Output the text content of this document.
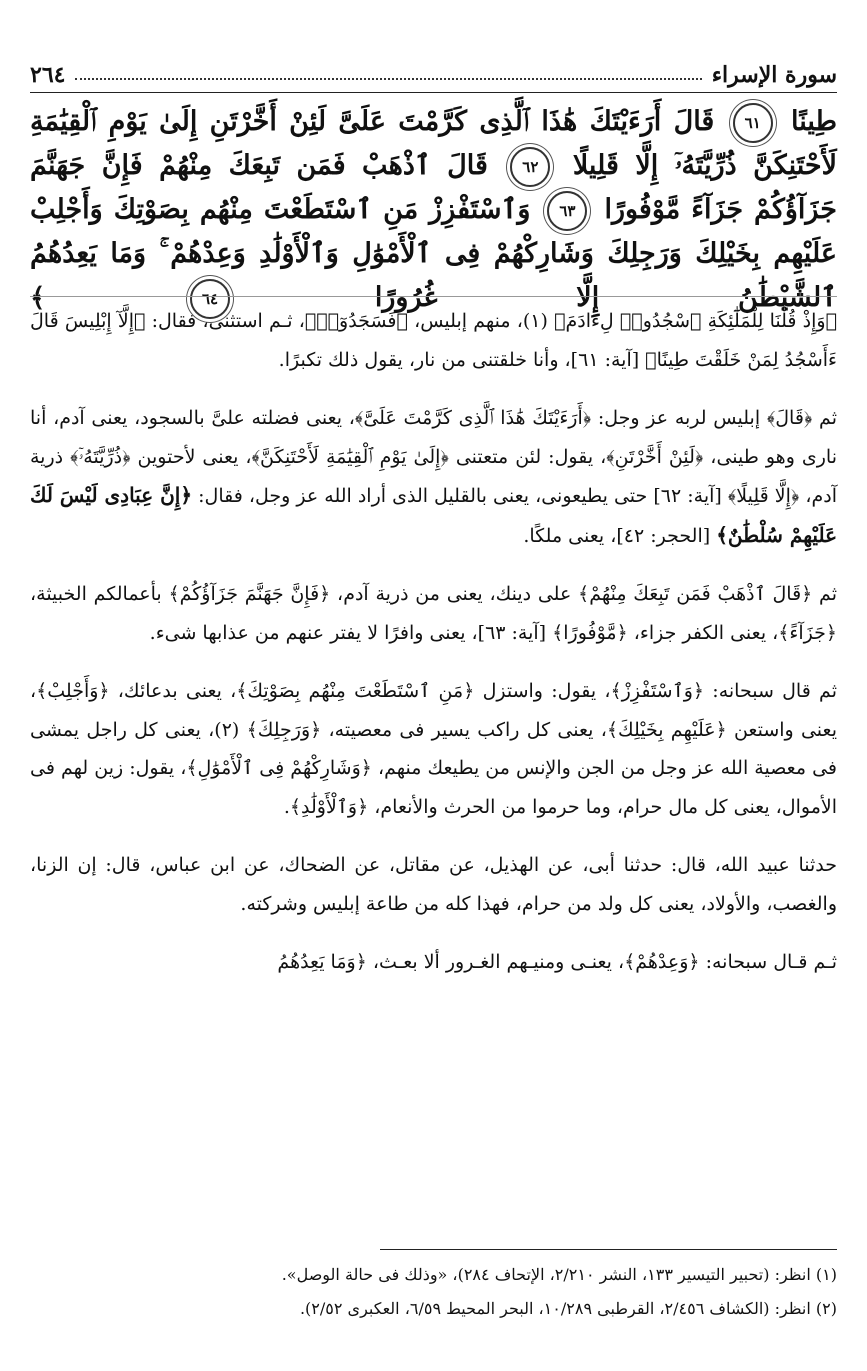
سورة الإسراء
٢٦٤
طِينًا ٦١ قَالَ أَرَءَيْتَكَ هَٰذَا ٱلَّذِى كَرَّمْتَ عَلَىَّ لَئِنْ أَخَّرْتَنِ إِلَىٰ يَوْمِ ٱلْقِيَٰمَةِ لَأَحْتَنِكَنَّ ذُرِّيَّتَهُۥٓ إِلَّا قَلِيلًا ٦٢ قَالَ ٱذْهَبْ فَمَن تَبِعَكَ مِنْهُمْ فَإِنَّ جَهَنَّمَ جَزَآؤُكُمْ جَزَآءً مَّوْفُورًا ٦٣ وَٱسْتَفْزِزْ مَنِ ٱسْتَطَعْتَ مِنْهُم بِصَوْتِكَ وَأَجْلِبْ عَلَيْهِم بِخَيْلِكَ وَرَجِلِكَ وَشَارِكْهُمْ فِى ٱلْأَمْوَٰلِ وَٱلْأَوْلَٰدِ وَعِدْهُمْ ۚ وَمَا يَعِدُهُمُ ٱلشَّيْطَٰنُ إِلَّا غُرُورًا ٦٤ ﴾

﴿وَإِذْ قُلْنَا لِلْمَلَٰٓئِكَةِ ٱسْجُدُوا۟ لِءَادَمَ﴾ (١)، منهم إبليس، ﴿فَسَجَدُوٓا۟﴾، ثـم استثنى، فقال: ﴿إِلَّآ إِبْلِيسَ قَالَ ءَأَسْجُدُ لِمَنْ خَلَقْتَ طِينًا﴾ [آية: ٦١]، وأنا خلقتنى من نار، يقول ذلك تكبرًا.

ثم ﴿قَالَ﴾ إبليس لربه عز وجل: ﴿أَرَءَيْتَكَ هَٰذَا ٱلَّذِى كَرَّمْتَ عَلَىَّ﴾، يعنى فضلته علىَّ بالسجود، يعنى آدم، أنا نارى وهو طينى، ﴿لَئِنْ أَخَّرْتَنِ﴾، يقول: لئن متعتنى ﴿إِلَىٰ يَوْمِ ٱلْقِيَٰمَةِ لَأَحْتَنِكَنَّ﴾، يعنى لأحتوين ﴿ذُرِّيَّتَهُۥٓ﴾ ذرية آدم، ﴿إِلَّا قَلِيلًا﴾ [آية: ٦٢] حتى يطيعونى، يعنى بالقليل الذى أراد الله عز وجل، فقال: ﴿إِنَّ عِبَادِى لَيْسَ لَكَ عَلَيْهِمْ سُلْطَٰنٌ﴾ [الحجر: ٤٢]، يعنى ملكًا.

ثم ﴿قَالَ ٱذْهَبْ فَمَن تَبِعَكَ مِنْهُمْ﴾ على دينك، يعنى من ذرية آدم، ﴿فَإِنَّ جَهَنَّمَ جَزَآؤُكُمْ﴾ بأعمالكم الخبيثة، ﴿جَزَآءً﴾، يعنى الكفر جزاء، ﴿مَّوْفُورًا﴾ [آية: ٦٣]، يعنى وافرًا لا يفتر عنهم من عذابها شىء.

ثم قال سبحانه: ﴿وَٱسْتَفْزِزْ﴾، يقول: واستزل ﴿مَنِ ٱسْتَطَعْتَ مِنْهُم بِصَوْتِكَ﴾، يعنى بدعائك، ﴿وَأَجْلِبْ﴾، يعنى واستعن ﴿عَلَيْهِم بِخَيْلِكَ﴾، يعنى كل راكب يسير فى معصيته، ﴿وَرَجِلِكَ﴾ (٢)، يعنى كل راجل يمشى فى معصية الله عز وجل من الجن والإنس من يطيعك منهم، ﴿وَشَارِكْهُمْ فِى ٱلْأَمْوَٰلِ﴾، يقول: زين لهم فى الأموال، يعنى كل مال حرام، وما حرموا من الحرث والأنعام، ﴿وَٱلْأَوْلَٰدِ﴾.

حدثنا عبيد الله، قال: حدثنا أبى، عن الهذيل، عن مقاتل، عن الضحاك، عن ابن عباس، قال: إن الزنا، والغصب، والأولاد، يعنى كل ولد من حرام، فهذا كله من طاعة إبليس وشركته.

ثـم قـال سبحانه: ﴿وَعِدْهُمْ﴾، يعنـى ومنيـهم الغـرور ألا بعـث، ﴿وَمَا يَعِدُهُمُ

(١) انظر: (تحبير التيسير ١٣٣، النشر ٢/٢١٠، الإتحاف ٢٨٤)، «وذلك فى حالة الوصل».
(٢) انظر: (الكشاف ٢/٤٥٦، القرطبى ١٠/٢٨٩، البحر المحيط ٦/٥٩، العكبرى ٢/٥٢).
